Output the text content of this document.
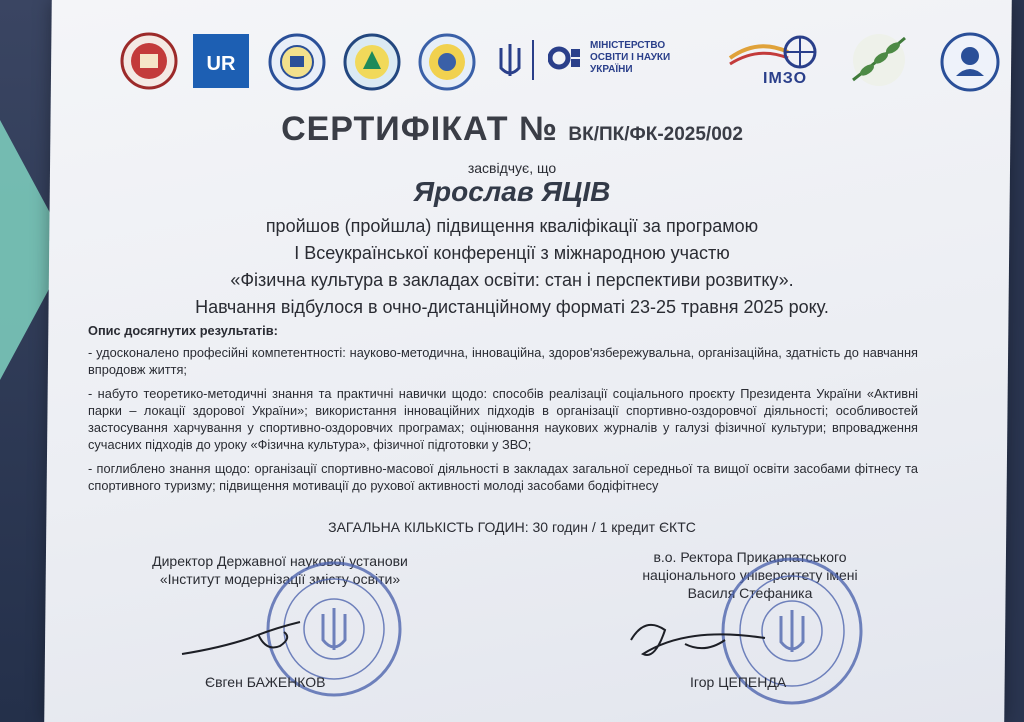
UR
МІНІСТЕРСТВО
ОСВІТИ І НАУКИ
УКРАЇНИ
ІМЗО
СЕРТИФІКАТ № ВК/ПК/ФК-2025/002
засвідчує, що
Ярослав ЯЦІВ
пройшов (пройшла) підвищення кваліфікації за програмою
І Всеукраїнської конференції з міжнародною участю
«Фізична культура в закладах освіти: стан і перспективи розвитку».
Навчання відбулося в очно-дистанційному форматі 23-25 травня 2025 року.
Опис досягнутих результатів:
- удосконалено професійні компетентності: науково-методична, інноваційна, здоров'язбережувальна, організаційна, здатність до навчання впродовж життя;
- набуто теоретико-методичні знання та практичні навички щодо: способів реалізації соціального проєкту Президента України «Активні парки – локації здорової України»; використання інноваційних підходів в організації спортивно-оздоровчої діяльності; особливостей застосування харчування у спортивно-оздоровчих програмах; оцінювання наукових журналів у галузі фізичної культури; впровадження сучасних підходів до уроку «Фізична культура», фізичної підготовки у ЗВО;
- поглиблено знання щодо: організації спортивно-масової діяльності в закладах загальної середньої та вищої освіти засобами фітнесу та спортивного туризму; підвищення мотивації до рухової активності молоді засобами бодіфітнесу
ЗАГАЛЬНА КІЛЬКІСТЬ ГОДИН: 30 годин / 1 кредит ЄКТС
Директор Державної наукової установи
«Інститут модернізації змісту освіти»
в.о. Ректора Прикарпатського
національного університету імені
Василя Стефаника
Євген БАЖЕНКОВ	Ігор ЦЕПЕНДА
